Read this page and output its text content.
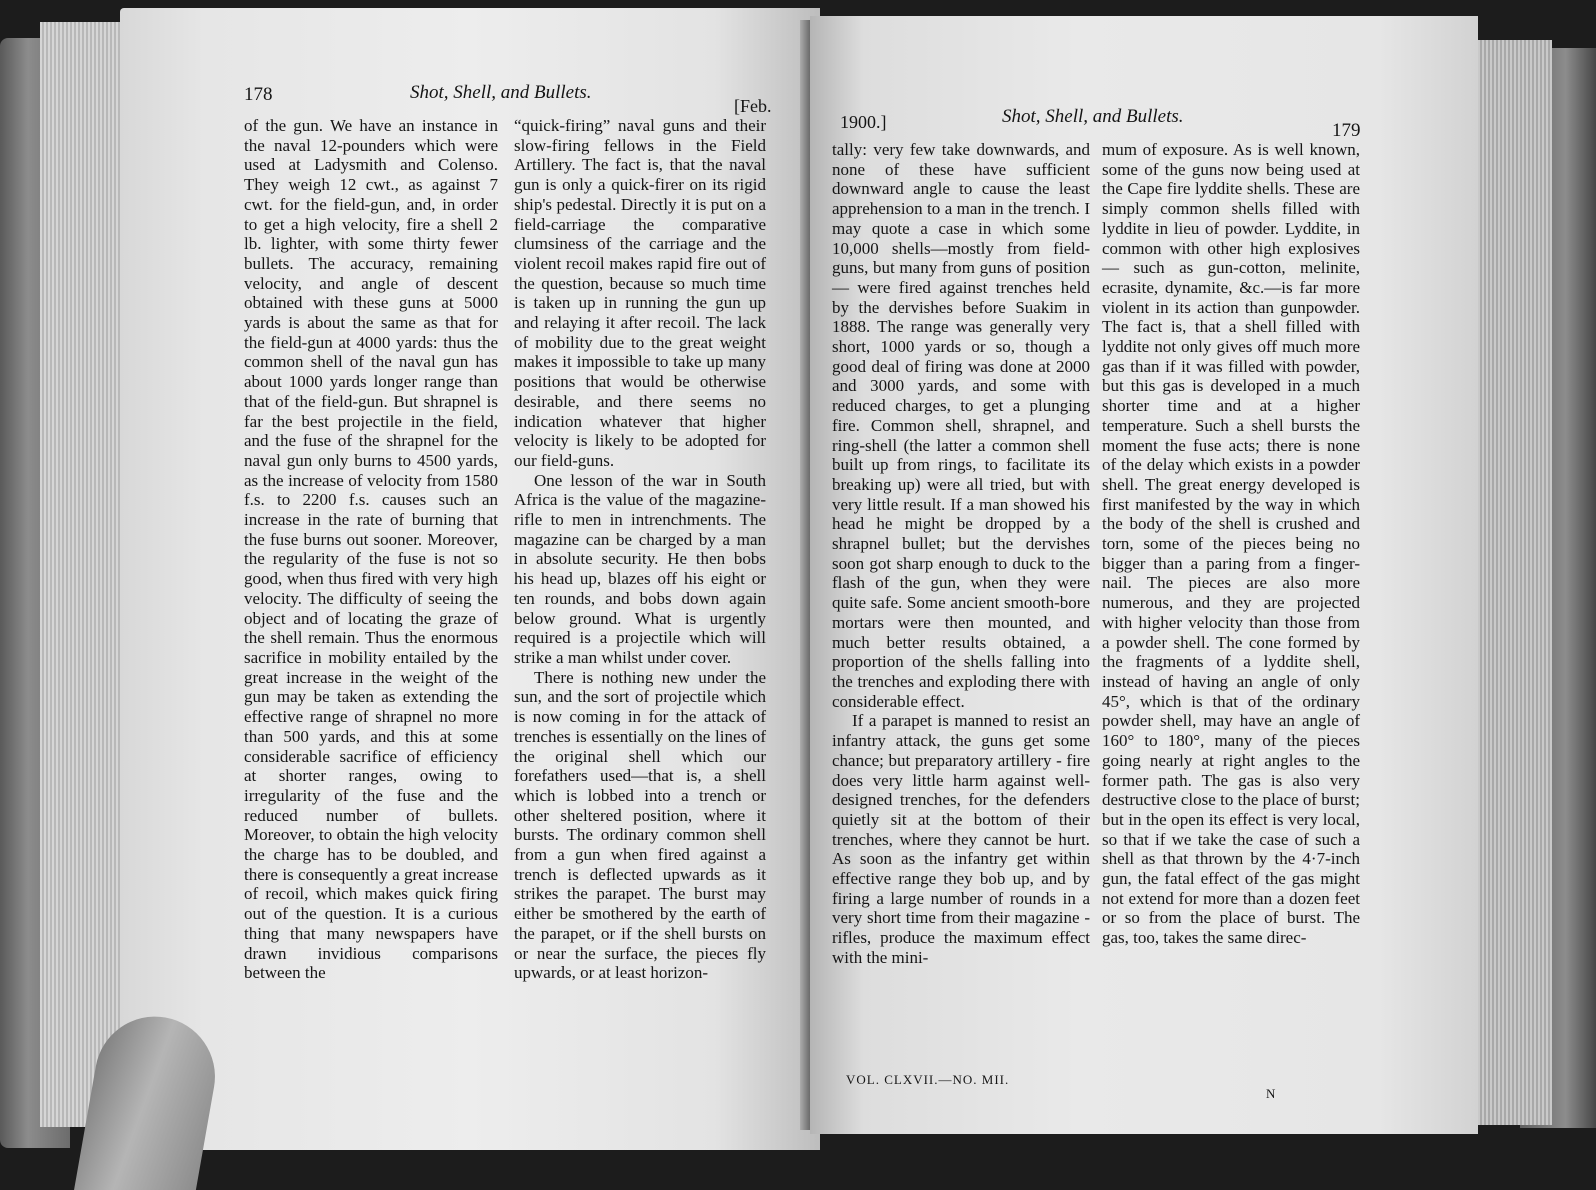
178	Shot, Shell, and Bullets.
[Feb.

of the gun. We have an instance in the naval 12-pounders which were used at Ladysmith and Colenso. They weigh 12 cwt., as against 7 cwt. for the field-gun, and, in order to get a high velocity, fire a shell 2 lb. lighter, with some thirty fewer bullets. The accuracy, remaining velocity, and angle of descent obtained with these guns at 5000 yards is about the same as that for the field-gun at 4000 yards: thus the common shell of the naval gun has about 1000 yards longer range than that of the field-gun. But shrapnel is far the best projectile in the field, and the fuse of the shrapnel for the naval gun only burns to 4500 yards, as the increase of velocity from 1580 f.s. to 2200 f.s. causes such an increase in the rate of burning that the fuse burns out sooner. Moreover, the regularity of the fuse is not so good, when thus fired with very high velocity. The difficulty of seeing the object and of locating the graze of the shell remain. Thus the enormous sacrifice in mobility entailed by the great increase in the weight of the gun may be taken as extending the effective range of shrapnel no more than 500 yards, and this at some considerable sacrifice of efficiency at shorter ranges, owing to irregularity of the fuse and the reduced number of bullets. Moreover, to obtain the high velocity the charge has to be doubled, and there is consequently a great increase of recoil, which makes quick firing out of the question. It is a curious thing that many newspapers have drawn invidious comparisons between the

“quick-firing” naval guns and their slow-firing fellows in the Field Artillery. The fact is, that the naval gun is only a quick-firer on its rigid ship's pedestal. Directly it is put on a field-carriage the comparative clumsiness of the carriage and the violent recoil makes rapid fire out of the question, because so much time is taken up in running the gun up and relaying it after recoil. The lack of mobility due to the great weight makes it impossible to take up many positions that would be otherwise desirable, and there seems no indication whatever that higher velocity is likely to be adopted for our field-guns.

One lesson of the war in South Africa is the value of the magazine-rifle to men in intrenchments. The magazine can be charged by a man in absolute security. He then bobs his head up, blazes off his eight or ten rounds, and bobs down again below ground. What is urgently required is a projectile which will strike a man whilst under cover.

There is nothing new under the sun, and the sort of projectile which is now coming in for the attack of trenches is essentially on the lines of the original shell which our forefathers used—that is, a shell which is lobbed into a trench or other sheltered position, where it bursts. The ordinary common shell from a gun when fired against a trench is deflected upwards as it strikes the parapet. The burst may either be smothered by the earth of the parapet, or if the shell bursts on or near the surface, the pieces fly upwards, or at least horizon-

1900.]	Shot, Shell, and Bullets.
179

tally: very few take downwards, and none of these have sufficient downward angle to cause the least apprehension to a man in the trench. I may quote a case in which some 10,000 shells—mostly from field-guns, but many from guns of position — were fired against trenches held by the dervishes before Suakim in 1888. The range was generally very short, 1000 yards or so, though a good deal of firing was done at 2000 and 3000 yards, and some with reduced charges, to get a plunging fire. Common shell, shrapnel, and ring-shell (the latter a common shell built up from rings, to facilitate its breaking up) were all tried, but with very little result. If a man showed his head he might be dropped by a shrapnel bullet; but the dervishes soon got sharp enough to duck to the flash of the gun, when they were quite safe. Some ancient smooth-bore mortars were then mounted, and much better results obtained, a proportion of the shells falling into the trenches and exploding there with considerable effect.

If a parapet is manned to resist an infantry attack, the guns get some chance; but preparatory artillery - fire does very little harm against well-designed trenches, for the defenders quietly sit at the bottom of their trenches, where they cannot be hurt. As soon as the infantry get within effective range they bob up, and by firing a large number of rounds in a very short time from their magazine - rifles, produce the maximum effect with the mini-

mum of exposure. As is well known, some of the guns now being used at the Cape fire lyddite shells. These are simply common shells filled with lyddite in lieu of powder. Lyddite, in common with other high explosives — such as gun-cotton, melinite, ecrasite, dynamite, &c.—is far more violent in its action than gunpowder. The fact is, that a shell filled with lyddite not only gives off much more gas than if it was filled with powder, but this gas is developed in a much shorter time and at a higher temperature. Such a shell bursts the moment the fuse acts; there is none of the delay which exists in a powder shell. The great energy developed is first manifested by the way in which the body of the shell is crushed and torn, some of the pieces being no bigger than a paring from a finger-nail. The pieces are also more numerous, and they are projected with higher velocity than those from a powder shell. The cone formed by the fragments of a lyddite shell, instead of having an angle of only 45°, which is that of the ordinary powder shell, may have an angle of 160° to 180°, many of the pieces going nearly at right angles to the former path. The gas is also very destructive close to the place of burst; but in the open its effect is very local, so that if we take the case of such a shell as that thrown by the 4·7-inch gun, the fatal effect of the gas might not extend for more than a dozen feet or so from the place of burst. The gas, too, takes the same direc-

VOL. CLXVII.—NO. MII.
N
